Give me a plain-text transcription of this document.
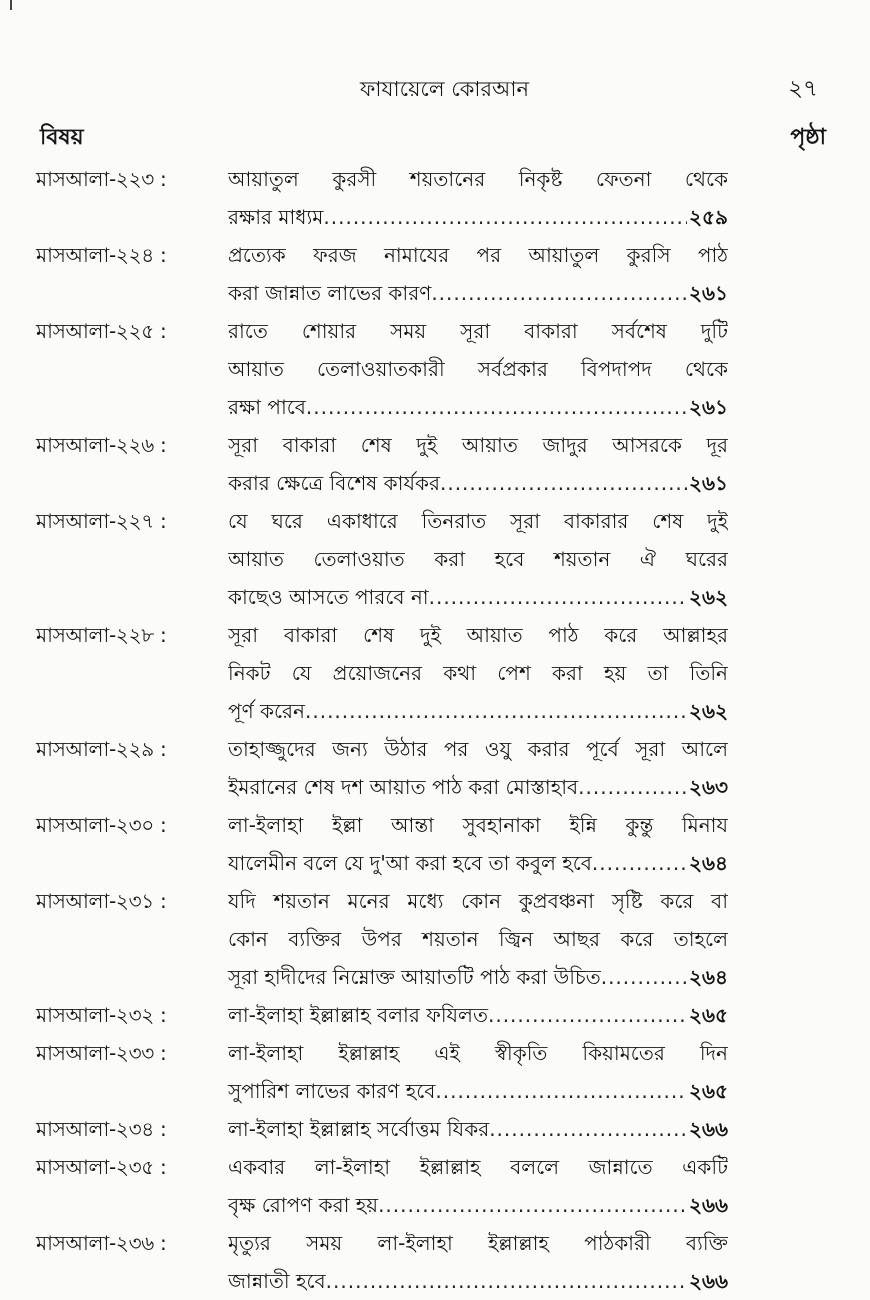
ফাযায়েলে কোরআন	২৭
বিষয়	পৃষ্ঠা
মাসআলা-২২৩ :	আয়াতুল কুরসী শয়তানের নিকৃষ্ট ফেতনা থেকে
রক্ষার মাধ্যম .....	২৫৯
মাসআলা-২২৪ :	প্রত্যেক ফরজ নামাযের পর আয়াতুল কুরসি পাঠ
করা জান্নাত লাভের কারণ .....	২৬১
মাসআলা-২২৫ :	রাতে শোয়ার সময় সূরা বাকারা সর্বশেষ দুটি
আয়াত তেলাওয়াতকারী সর্বপ্রকার বিপদাপদ থেকে
রক্ষা পাবে .....	২৬১
মাসআলা-২২৬ :	সূরা বাকারা শেষ দুই আয়াত জাদুর আসরকে দূর
করার ক্ষেত্রে বিশেষ কার্যকর .....	২৬১
মাসআলা-২২৭ :	যে ঘরে একাধারে তিনরাত সূরা বাকারার শেষ দুই
আয়াত তেলাওয়াত করা হবে শয়তান ঐ ঘরের
কাছেও আসতে পারবে না .....	২৬২
মাসআলা-২২৮ :	সূরা বাকারা শেষ দুই আয়াত পাঠ করে আল্লাহর
নিকট যে প্রয়োজনের কথা পেশ করা হয় তা তিনি
পূর্ণ করেন .....	২৬২
মাসআলা-২২৯ :	তাহাজ্জুদের জন্য উঠার পর ওযু করার পূর্বে সূরা আলে
ইমরানের শেষ দশ আয়াত পাঠ করা মোস্তাহাব .....	২৬৩
মাসআলা-২৩০ :	লা-ইলাহা ইল্লা আন্তা সুবহানাকা ইন্নি কুন্তু মিনায
যালেমীন বলে যে দু'আ করা হবে তা কবুল হবে .....	২৬৪
মাসআলা-২৩১ :	যদি শয়তান মনের মধ্যে কোন কুপ্রবঞ্চনা সৃষ্টি করে বা
কোন ব্যক্তির উপর শয়তান জ্বিন আছর করে তাহলে
সূরা হাদীদের নিম্নোক্ত আয়াতটি পাঠ করা উচিত .....	২৬৪
মাসআলা-২৩২ :	লা-ইলাহা ইল্লাল্লাহ বলার ফযিলত .....	২৬৫
মাসআলা-২৩৩ :	লা-ইলাহা ইল্লাল্লাহ এই স্বীকৃতি কিয়ামতের দিন
সুপারিশ লাভের কারণ হবে .....	২৬৫
মাসআলা-২৩৪ :	লা-ইলাহা ইল্লাল্লাহ সর্বোত্তম যিকর .....	২৬৬
মাসআলা-২৩৫ :	একবার লা-ইলাহা ইল্লাল্লাহ বললে জান্নাতে একটি
বৃক্ষ রোপণ করা হয় .....	২৬৬
মাসআলা-২৩৬ :	মৃত্যুর সময় লা-ইলাহা ইল্লাল্লাহ পাঠকারী ব্যক্তি
জান্নাতী হবে .....	২৬৬
